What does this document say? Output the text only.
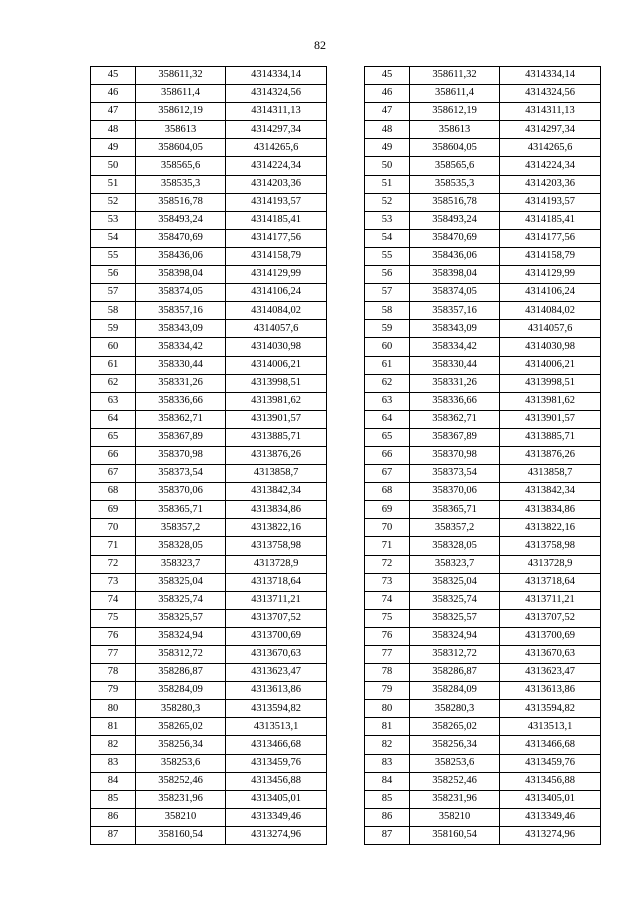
82
45	358611,32	4314334,14
46	358611,4	4314324,56
47	358612,19	4314311,13
48	358613	4314297,34
49	358604,05	4314265,6
50	358565,6	4314224,34
51	358535,3	4314203,36
52	358516,78	4314193,57
53	358493,24	4314185,41
54	358470,69	4314177,56
55	358436,06	4314158,79
56	358398,04	4314129,99
57	358374,05	4314106,24
58	358357,16	4314084,02
59	358343,09	4314057,6
60	358334,42	4314030,98
61	358330,44	4314006,21
62	358331,26	4313998,51
63	358336,66	4313981,62
64	358362,71	4313901,57
65	358367,89	4313885,71
66	358370,98	4313876,26
67	358373,54	4313858,7
68	358370,06	4313842,34
69	358365,71	4313834,86
70	358357,2	4313822,16
71	358328,05	4313758,98
72	358323,7	4313728,9
73	358325,04	4313718,64
74	358325,74	4313711,21
75	358325,57	4313707,52
76	358324,94	4313700,69
77	358312,72	4313670,63
78	358286,87	4313623,47
79	358284,09	4313613,86
80	358280,3	4313594,82
81	358265,02	4313513,1
82	358256,34	4313466,68
83	358253,6	4313459,76
84	358252,46	4313456,88
85	358231,96	4313405,01
86	358210	4313349,46
87	358160,54	4313274,96
45	358611,32	4314334,14
46	358611,4	4314324,56
47	358612,19	4314311,13
48	358613	4314297,34
49	358604,05	4314265,6
50	358565,6	4314224,34
51	358535,3	4314203,36
52	358516,78	4314193,57
53	358493,24	4314185,41
54	358470,69	4314177,56
55	358436,06	4314158,79
56	358398,04	4314129,99
57	358374,05	4314106,24
58	358357,16	4314084,02
59	358343,09	4314057,6
60	358334,42	4314030,98
61	358330,44	4314006,21
62	358331,26	4313998,51
63	358336,66	4313981,62
64	358362,71	4313901,57
65	358367,89	4313885,71
66	358370,98	4313876,26
67	358373,54	4313858,7
68	358370,06	4313842,34
69	358365,71	4313834,86
70	358357,2	4313822,16
71	358328,05	4313758,98
72	358323,7	4313728,9
73	358325,04	4313718,64
74	358325,74	4313711,21
75	358325,57	4313707,52
76	358324,94	4313700,69
77	358312,72	4313670,63
78	358286,87	4313623,47
79	358284,09	4313613,86
80	358280,3	4313594,82
81	358265,02	4313513,1
82	358256,34	4313466,68
83	358253,6	4313459,76
84	358252,46	4313456,88
85	358231,96	4313405,01
86	358210	4313349,46
87	358160,54	4313274,96
